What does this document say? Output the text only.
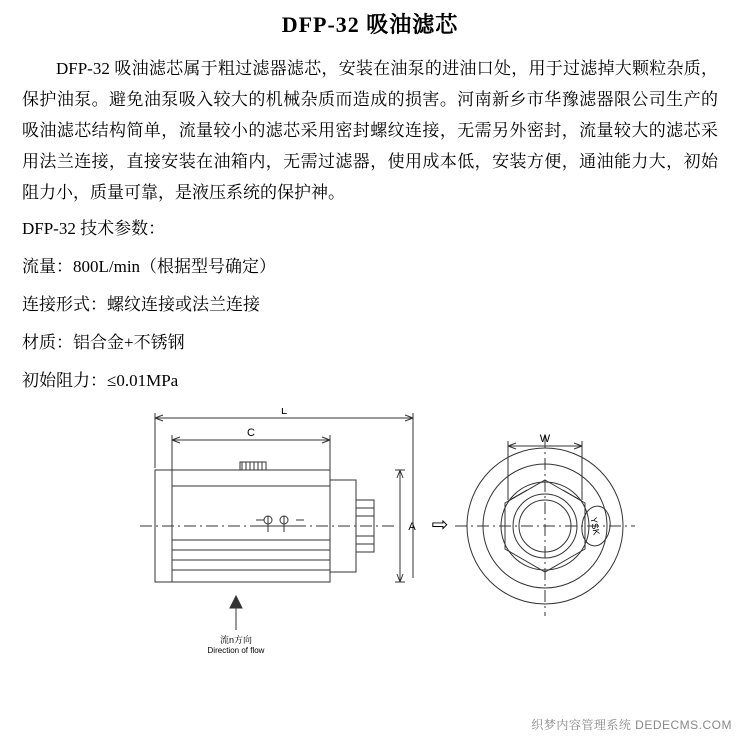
DFP-32 吸油滤芯

DFP-32 吸油滤芯属于粗过滤器滤芯，安装在油泵的进油口处，用于过滤掉大颗粒杂质，保护油泵。避免油泵吸入较大的机械杂质而造成的损害。河南新乡市华豫滤器限公司生产的吸油滤芯结构简单，流量较小的滤芯采用密封螺纹连接，无需另外密封，流量较大的滤芯采用法兰连接，直接安装在油箱内，无需过滤器，使用成本低，安装方便，通油能力大，初始阻力小，质量可靠，是液压系统的保护神。

DFP-32 技术参数：
流量：800L/min（根据型号确定）
连接形式：螺纹连接或法兰连接
材质：铝合金+不锈钢
初始阻力：≤0.01MPa
L
C
A
W
YSK
流n方向
Direction of flow
⇨
织梦内容管理系统 DEDECMS.COM
